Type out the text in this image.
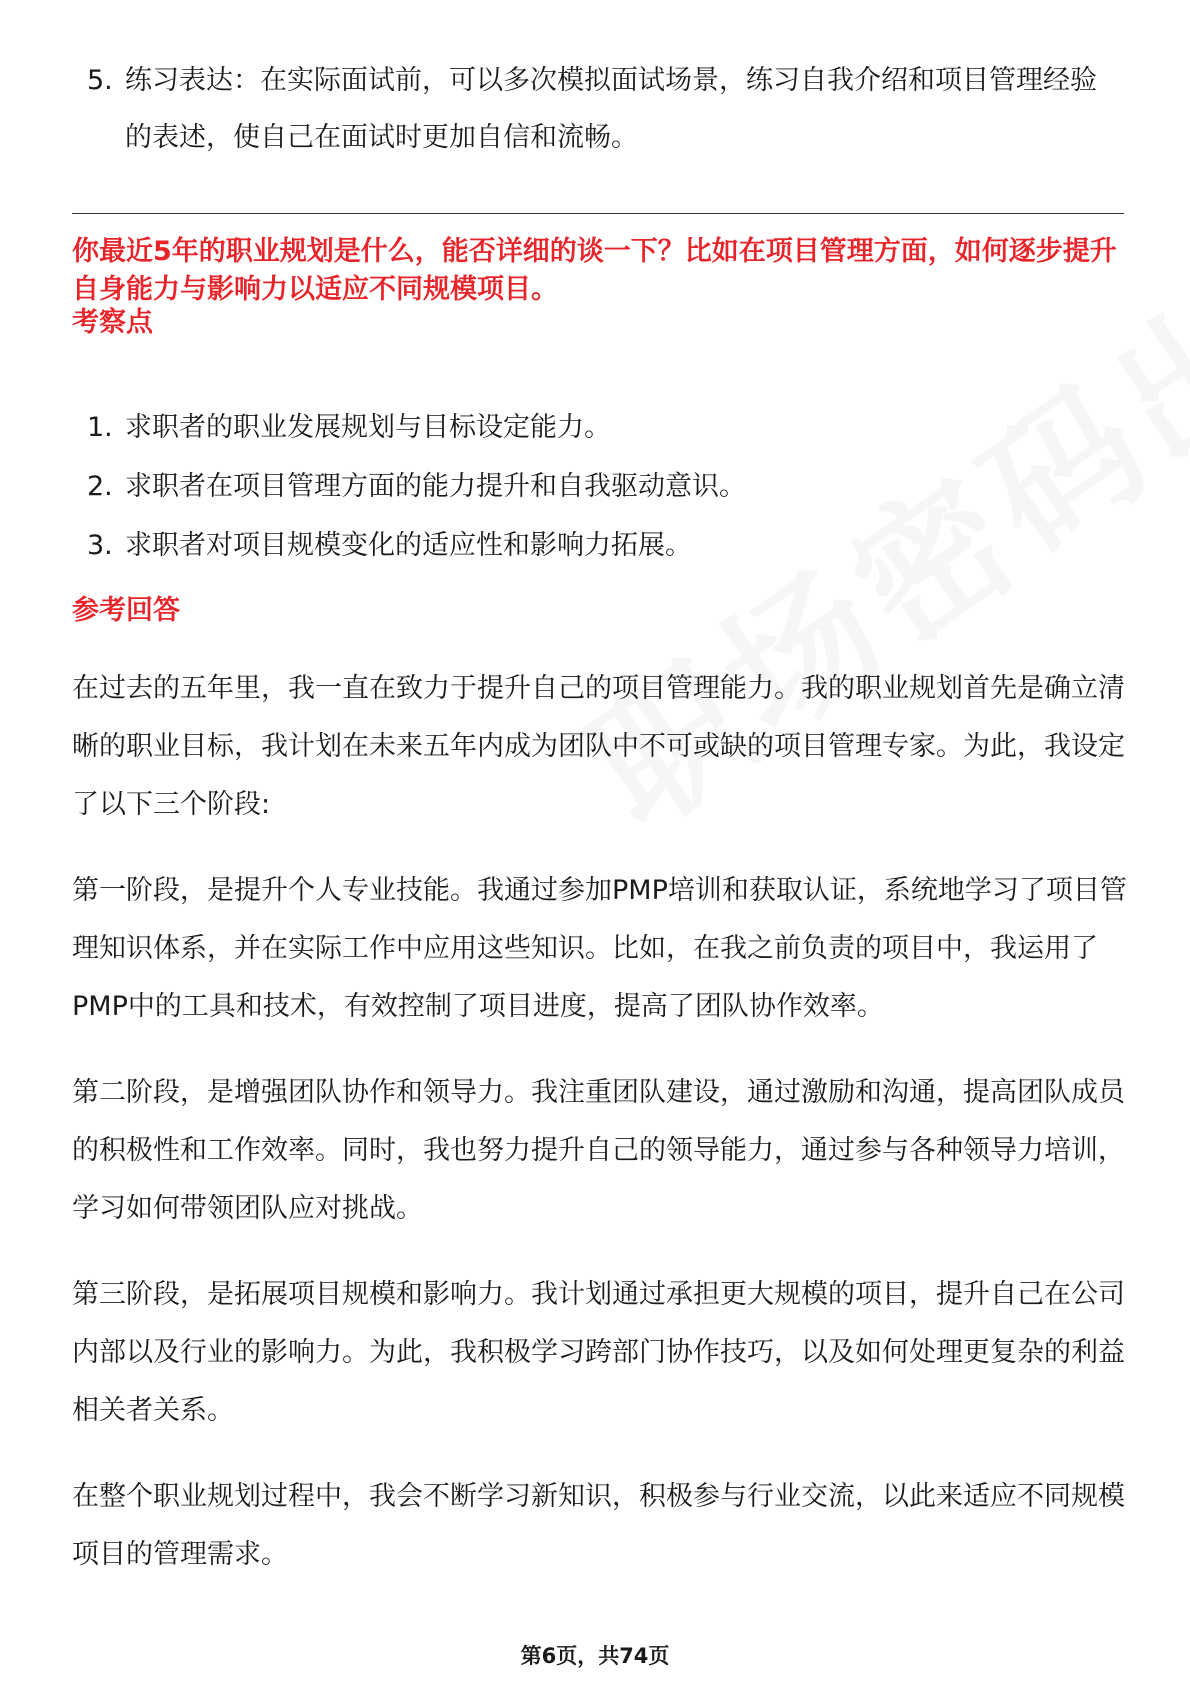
5. 练习表达：在实际面试前，可以多次模拟面试场景，练习自我介绍和项目管理经验的表述，使自己在面试时更加自信和流畅。
你最近5年的职业规划是什么，能否详细的谈一下？比如在项目管理方面，如何逐步提升自身能力与影响力以适应不同规模项目。
考察点
1. 求职者的职业发展规划与目标设定能力。
2. 求职者在项目管理方面的能力提升和自我驱动意识。
3. 求职者对项目规模变化的适应性和影响力拓展。
参考回答

在过去的五年里，我一直在致力于提升自己的项目管理能力。我的职业规划首先是确立清晰的职业目标，我计划在未来五年内成为团队中不可或缺的项目管理专家。为此，我设定了以下三个阶段:

第一阶段，是提升个人专业技能。我通过参加PMP培训和获取认证，系统地学习了项目管理知识体系，并在实际工作中应用这些知识。比如，在我之前负责的项目中，我运用了PMP中的工具和技术，有效控制了项目进度，提高了团队协作效率。

第二阶段，是增强团队协作和领导力。我注重团队建设，通过激励和沟通，提高团队成员的积极性和工作效率。同时，我也努力提升自己的领导能力，通过参与各种领导力培训，学习如何带领团队应对挑战。

第三阶段，是拓展项目规模和影响力。我计划通过承担更大规模的项目，提升自己在公司内部以及行业的影响力。为此，我积极学习跨部门协作技巧，以及如何处理更复杂的利益相关者关系。

在整个职业规划过程中，我会不断学习新知识，积极参与行业交流，以此来适应不同规模项目的管理需求。

第6页，共74页
